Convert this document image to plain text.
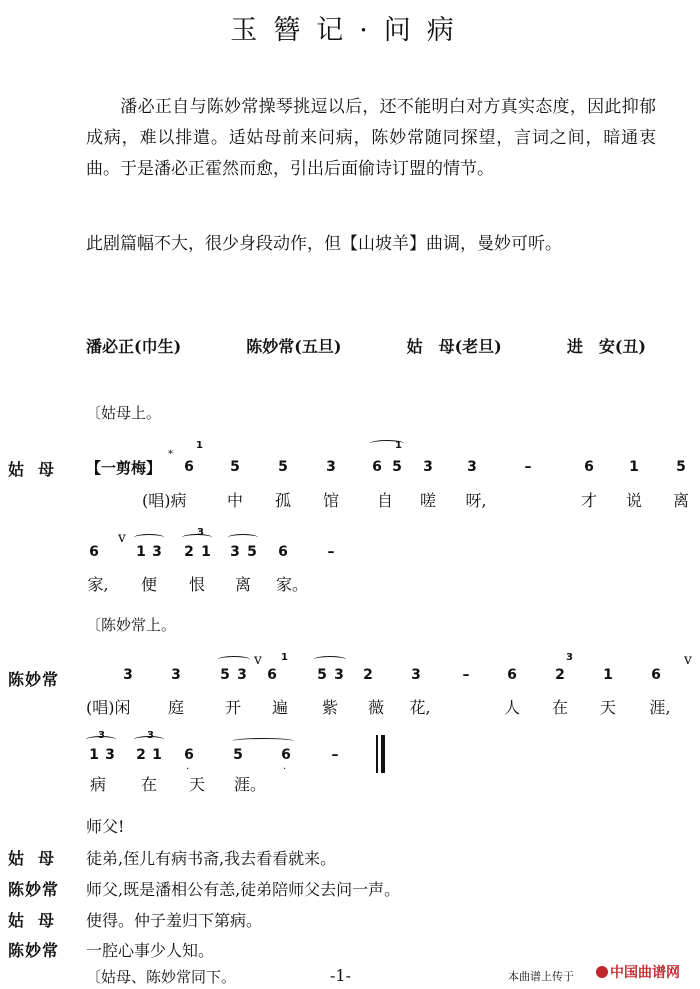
玉簪记·问病
潘必正自与陈妙常操琴挑逗以后，还不能明白对方真实态度，因此抑郁成病，难以排遣。适姑母前来问病，陈妙常随同探望，言词之间，暗通衷曲。于是潘必正霍然而愈，引出后面偷诗订盟的情节。
此剧篇幅不大，很少身段动作，但【山坡羊】曲调，曼妙可听。
潘必正(巾生)	陈妙常(五旦)	姑　母(老旦)	进　安(丑)
〔姑母上。
姑母 【一剪梅】
*
1	1
6	5	5	3	6 5	3	3	–	6	1	5
(唱)病	中 孤 馆 自 嗟 呀,	才 说 离
v	3
6	1 3	2 1	3 5	6	–
家, 便 恨 离 家。
〔陈妙常上。
陈妙常
v 1	3	v
3	3	5 3	6	5 3	2	3	–	6	2	1	6
(唱)闲 庭	开 遍 紫 薇 花,	人 在 天 涯,
3	3
1 3	2 1	6	5	6	–
·	·
病 在 天 涯。
师父!
姑母 徒弟,侄儿有病书斋,我去看看就来。
陈妙常 师父,既是潘相公有恙,徒弟陪师父去问一声。
姑母 使得。仲子羞归下第病。
陈妙常 一腔心事少人知。
〔姑母、陈妙常同下。	-1-	本曲谱上传于	中国曲谱网
